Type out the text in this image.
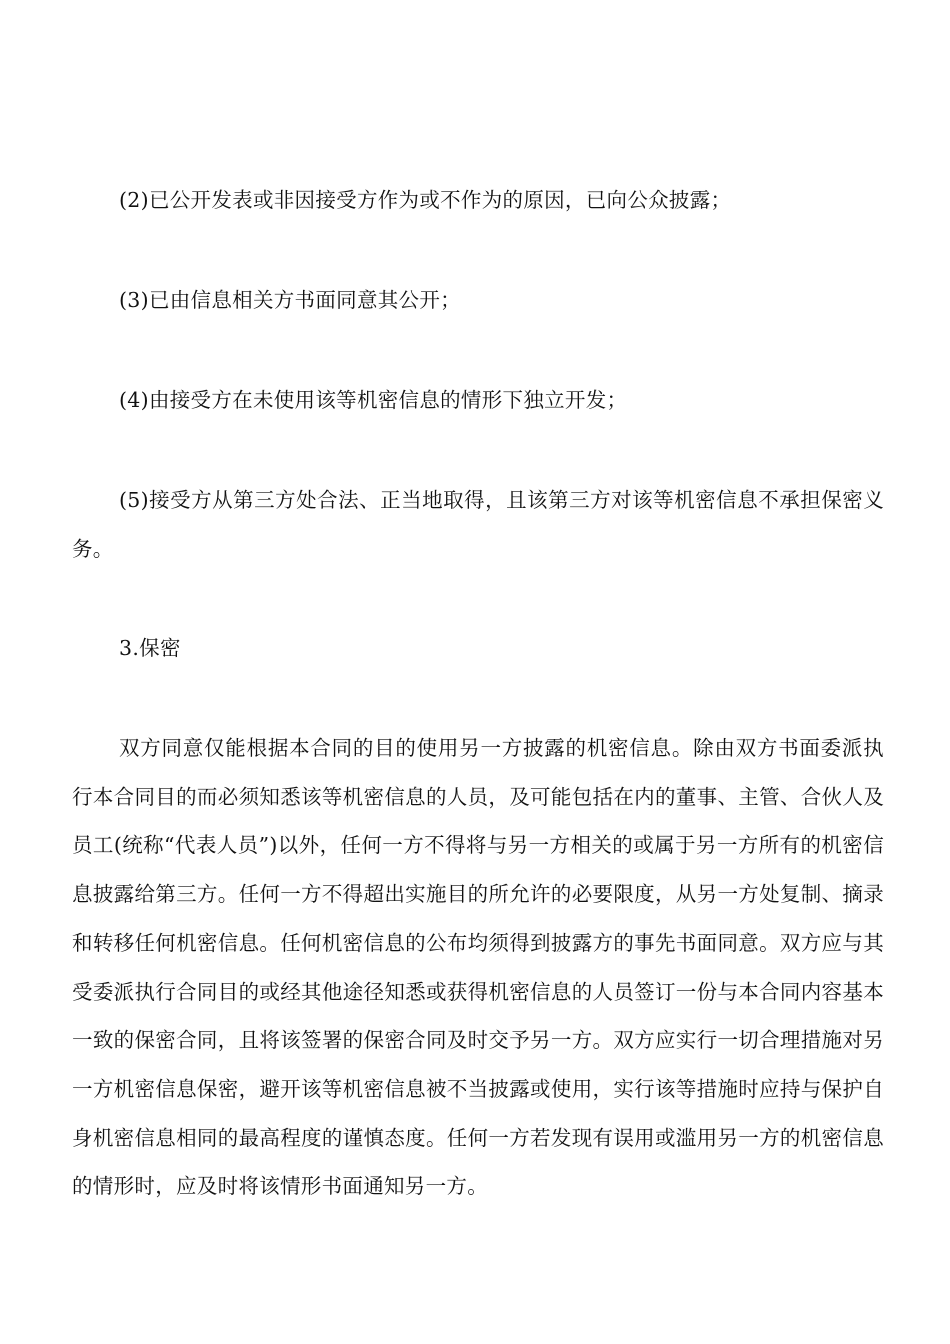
(2)已公开发表或非因接受方作为或不作为的原因，已向公众披露；

(3)已由信息相关方书面同意其公开；

(4)由接受方在未使用该等机密信息的情形下独立开发；

(5)接受方从第三方处合法、正当地取得，且该第三方对该等机密信息不承担保密义务。

3.保密

双方同意仅能根据本合同的目的使用另一方披露的机密信息。除由双方书面委派执行本合同目的而必须知悉该等机密信息的人员，及可能包括在内的董事、主管、合伙人及员工(统称“代表人员”)以外，任何一方不得将与另一方相关的或属于另一方所有的机密信息披露给第三方。任何一方不得超出实施目的所允许的必要限度，从另一方处复制、摘录和转移任何机密信息。任何机密信息的公布均须得到披露方的事先书面同意。双方应与其受委派执行合同目的或经其他途径知悉或获得机密信息的人员签订一份与本合同内容基本一致的保密合同，且将该签署的保密合同及时交予另一方。双方应实行一切合理措施对另一方机密信息保密，避开该等机密信息被不当披露或使用，实行该等措施时应持与保护自身机密信息相同的最高程度的谨慎态度。任何一方若发现有误用或滥用另一方的机密信息的情形时，应及时将该情形书面通知另一方。
